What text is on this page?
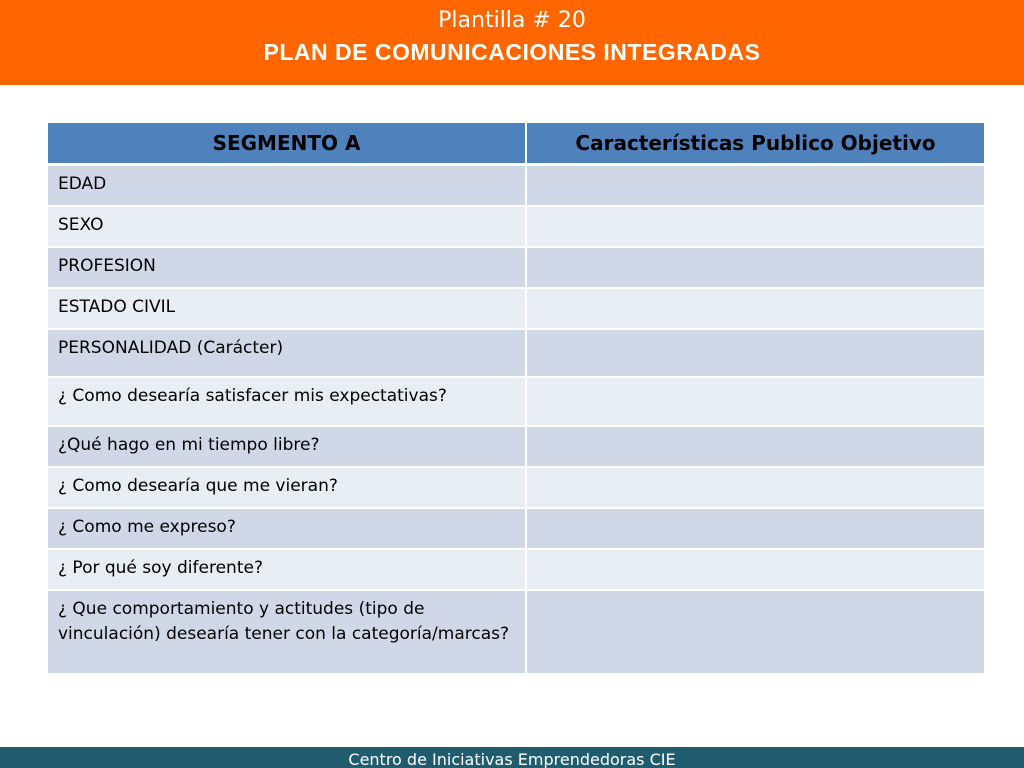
Plantilla # 20
PLAN DE COMUNICACIONES INTEGRADAS
SEGMENTO A	Características Publico Objetivo
EDAD	
SEXO	
PROFESION	
ESTADO CIVIL	
PERSONALIDAD (Carácter)	
¿ Como desearía satisfacer mis expectativas?	
¿Qué hago en mi tiempo libre?	
¿ Como desearía que me vieran?	
¿ Como me expreso?	
¿ Por qué soy diferente?	
¿ Que comportamiento y actitudes (tipo de vinculación) desearía tener con la categoría/marcas?	
Centro de Iniciativas Emprendedoras CIE
